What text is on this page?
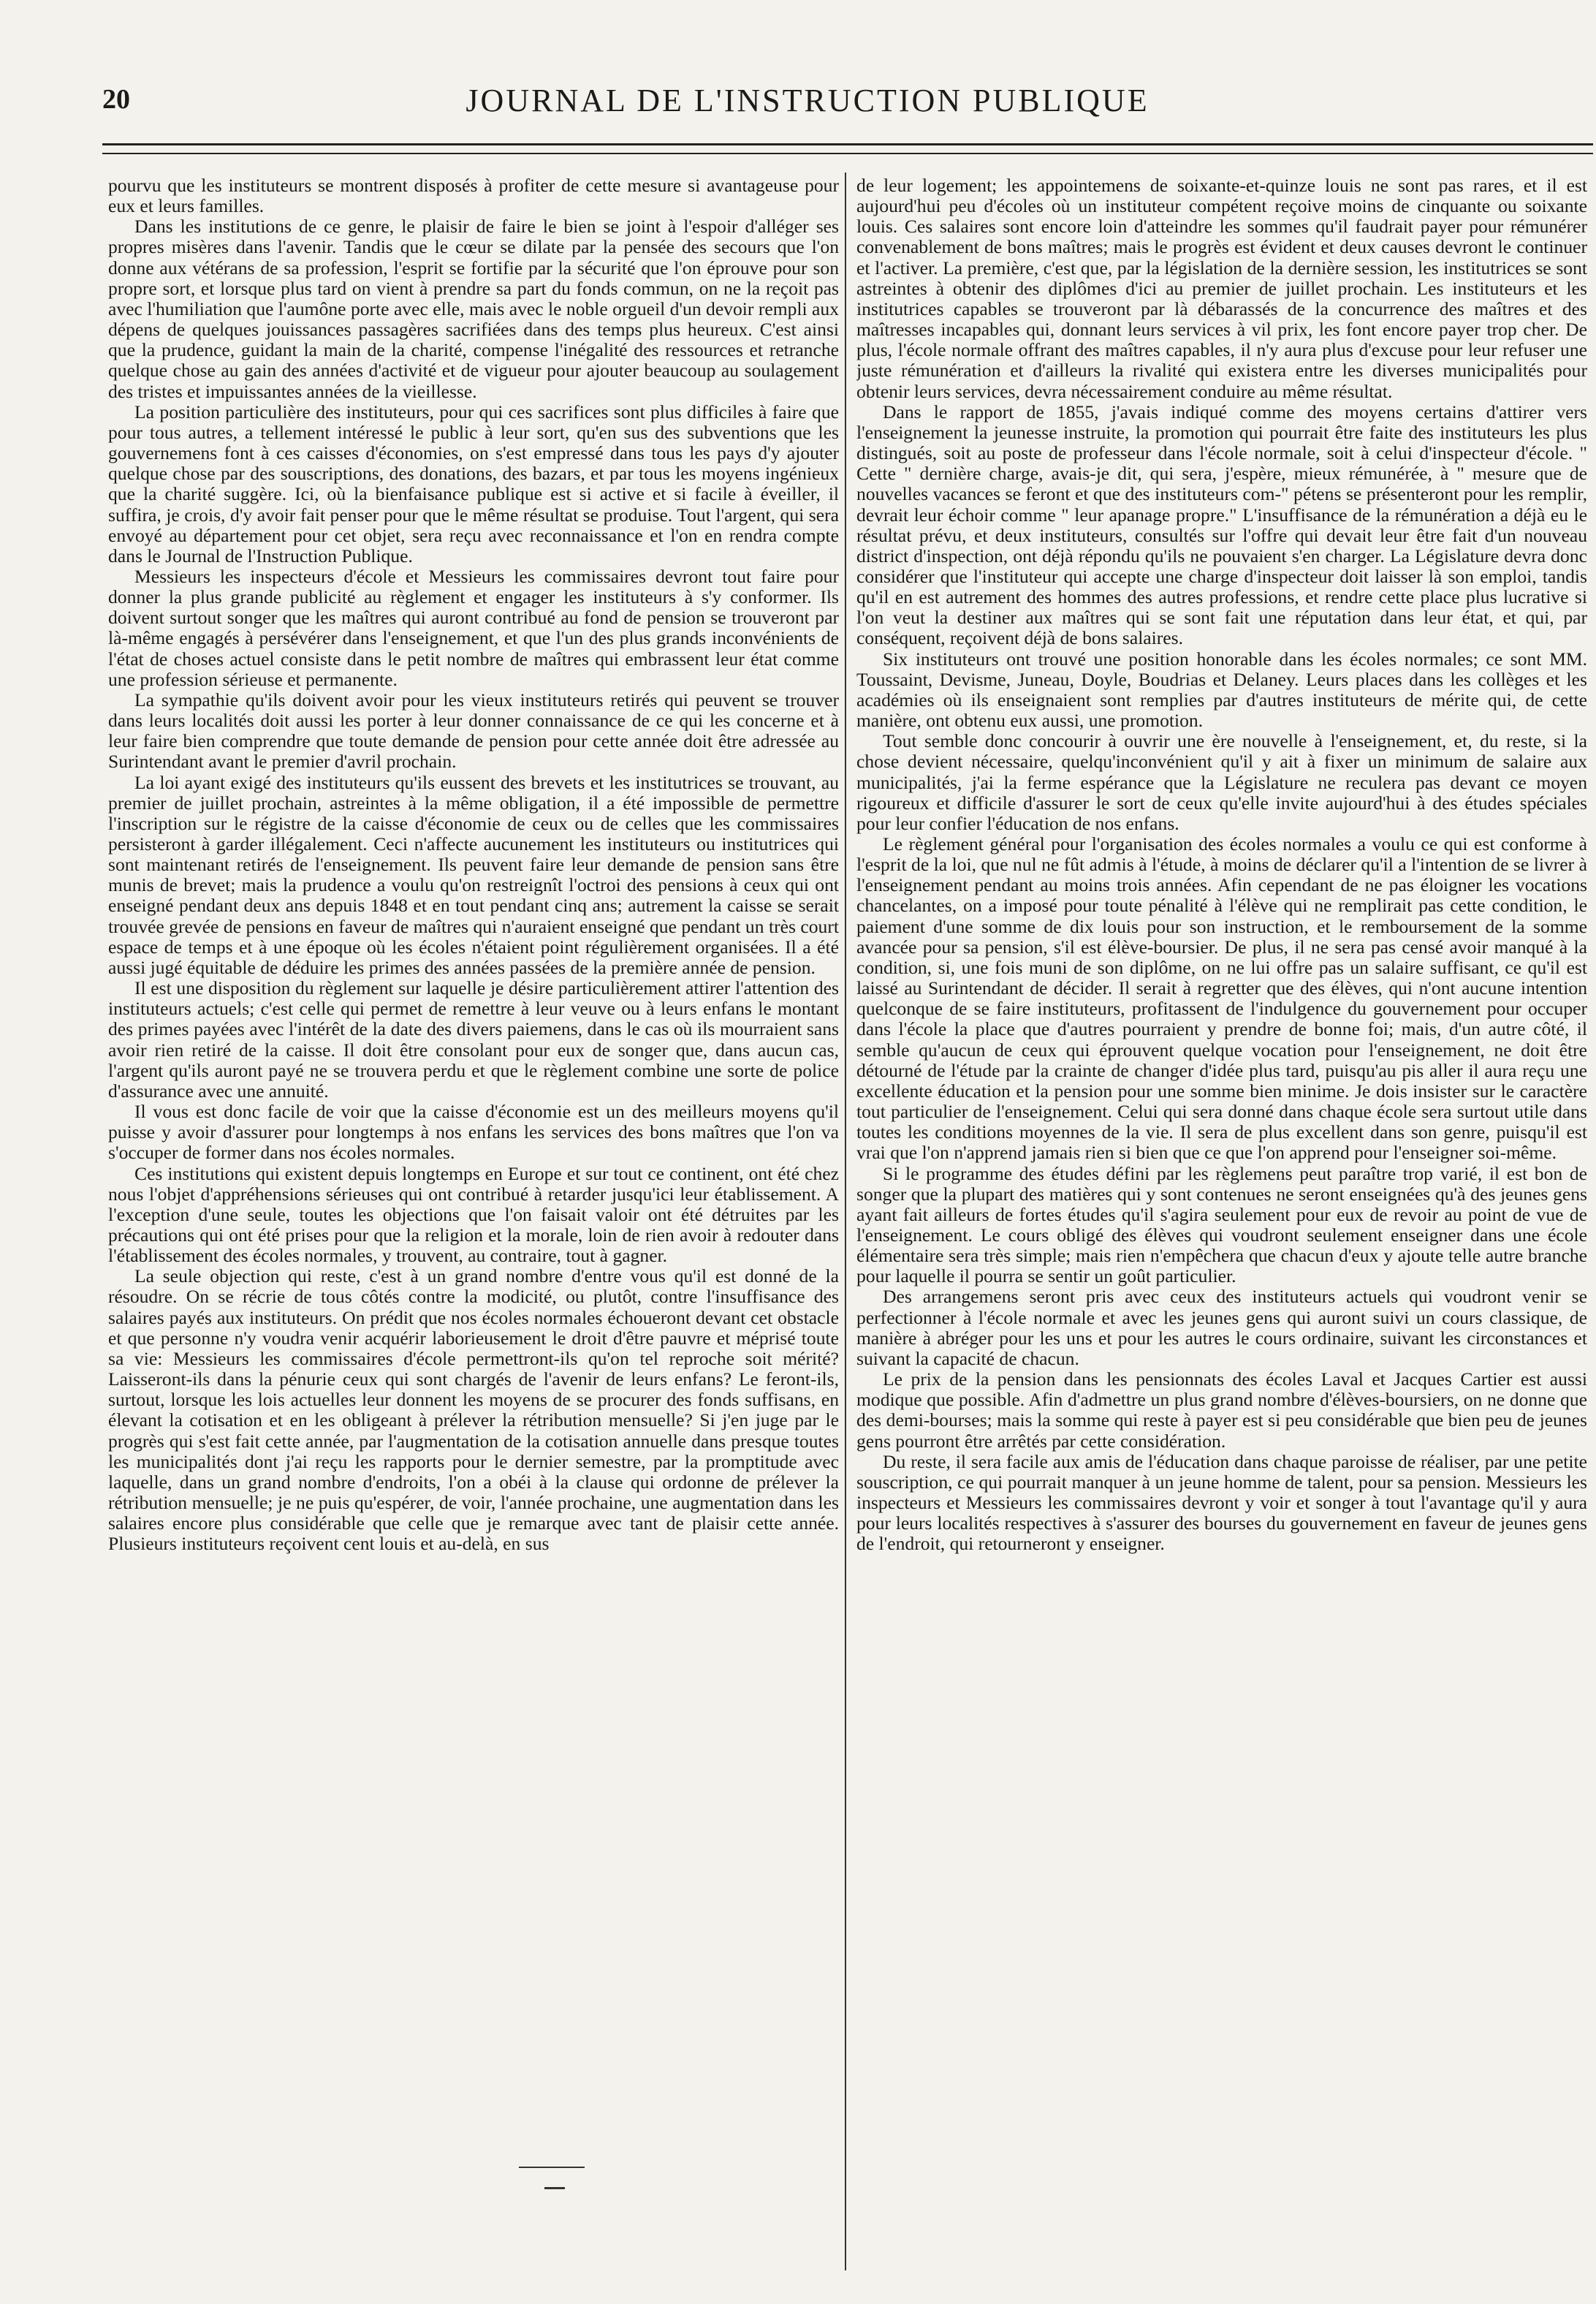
20	JOURNAL DE L'INSTRUCTION PUBLIQUE

pourvu que les instituteurs se montrent disposés à profiter de cette mesure si avantageuse pour eux et leurs familles.

Dans les institutions de ce genre, le plaisir de faire le bien se joint à l'espoir d'alléger ses propres misères dans l'avenir. Tandis que le cœur se dilate par la pensée des secours que l'on donne aux vétérans de sa profession, l'esprit se fortifie par la sécurité que l'on éprouve pour son propre sort, et lorsque plus tard on vient à prendre sa part du fonds commun, on ne la reçoit pas avec l'humiliation que l'aumône porte avec elle, mais avec le noble orgueil d'un devoir rempli aux dépens de quelques jouissances passagères sacrifiées dans des temps plus heureux. C'est ainsi que la prudence, guidant la main de la charité, compense l'inégalité des ressources et retranche quelque chose au gain des années d'activité et de vigueur pour ajouter beaucoup au soulagement des tristes et impuissantes années de la vieillesse.

La position particulière des instituteurs, pour qui ces sacrifices sont plus difficiles à faire que pour tous autres, a tellement intéressé le public à leur sort, qu'en sus des subventions que les gouvernemens font à ces caisses d'économies, on s'est empressé dans tous les pays d'y ajouter quelque chose par des souscriptions, des donations, des bazars, et par tous les moyens ingénieux que la charité suggère. Ici, où la bienfaisance publique est si active et si facile à éveiller, il suffira, je crois, d'y avoir fait penser pour que le même résultat se produise. Tout l'argent, qui sera envoyé au département pour cet objet, sera reçu avec reconnaissance et l'on en rendra compte dans le Journal de l'Instruction Publique.

Messieurs les inspecteurs d'école et Messieurs les commissaires devront tout faire pour donner la plus grande publicité au règlement et engager les instituteurs à s'y conformer. Ils doivent surtout songer que les maîtres qui auront contribué au fond de pension se trouveront par là-même engagés à persévérer dans l'enseignement, et que l'un des plus grands inconvénients de l'état de choses actuel consiste dans le petit nombre de maîtres qui embrassent leur état comme une profession sérieuse et permanente.

La sympathie qu'ils doivent avoir pour les vieux instituteurs retirés qui peuvent se trouver dans leurs localités doit aussi les porter à leur donner connaissance de ce qui les concerne et à leur faire bien comprendre que toute demande de pension pour cette année doit être adressée au Surintendant avant le premier d'avril prochain.

La loi ayant exigé des instituteurs qu'ils eussent des brevets et les institutrices se trouvant, au premier de juillet prochain, astreintes à la même obligation, il a été impossible de permettre l'inscription sur le régistre de la caisse d'économie de ceux ou de celles que les commissaires persisteront à garder illégalement. Ceci n'affecte aucunement les instituteurs ou institutrices qui sont maintenant retirés de l'enseignement. Ils peuvent faire leur demande de pension sans être munis de brevet; mais la prudence a voulu qu'on restreignît l'octroi des pensions à ceux qui ont enseigné pendant deux ans depuis 1848 et en tout pendant cinq ans; autrement la caisse se serait trouvée grevée de pensions en faveur de maîtres qui n'auraient enseigné que pendant un très court espace de temps et à une époque où les écoles n'étaient point régulièrement organisées. Il a été aussi jugé équitable de déduire les primes des années passées de la première année de pension.

Il est une disposition du règlement sur laquelle je désire particulièrement attirer l'attention des instituteurs actuels; c'est celle qui permet de remettre à leur veuve ou à leurs enfans le montant des primes payées avec l'intérêt de la date des divers paiemens, dans le cas où ils mourraient sans avoir rien retiré de la caisse. Il doit être consolant pour eux de songer que, dans aucun cas, l'argent qu'ils auront payé ne se trouvera perdu et que le règlement combine une sorte de police d'assurance avec une annuité.

Il vous est donc facile de voir que la caisse d'économie est un des meilleurs moyens qu'il puisse y avoir d'assurer pour longtemps à nos enfans les services des bons maîtres que l'on va s'occuper de former dans nos écoles normales.

Ces institutions qui existent depuis longtemps en Europe et sur tout ce continent, ont été chez nous l'objet d'appréhensions sérieuses qui ont contribué à retarder jusqu'ici leur établissement. A l'exception d'une seule, toutes les objections que l'on faisait valoir ont été détruites par les précautions qui ont été prises pour que la religion et la morale, loin de rien avoir à redouter dans l'établissement des écoles normales, y trouvent, au contraire, tout à gagner.

La seule objection qui reste, c'est à un grand nombre d'entre vous qu'il est donné de la résoudre. On se récrie de tous côtés contre la modicité, ou plutôt, contre l'insuffisance des salaires payés aux instituteurs. On prédit que nos écoles normales échoueront devant cet obstacle et que personne n'y voudra venir acquérir laborieusement le droit d'être pauvre et méprisé toute sa vie: Messieurs les commissaires d'école permettront-ils qu'on tel reproche soit mérité? Laisseront-ils dans la pénurie ceux qui sont chargés de l'avenir de leurs enfans? Le feront-ils, surtout, lorsque les lois actuelles leur donnent les moyens de se procurer des fonds suffisans, en élevant la cotisation et en les obligeant à prélever la rétribution mensuelle? Si j'en juge par le progrès qui s'est fait cette année, par l'augmentation de la cotisation annuelle dans presque toutes les municipalités dont j'ai reçu les rapports pour le dernier semestre, par la promptitude avec laquelle, dans un grand nombre d'endroits, l'on a obéi à la clause qui ordonne de prélever la rétribution mensuelle; je ne puis qu'espérer, de voir, l'année prochaine, une augmentation dans les salaires encore plus considérable que celle que je remarque avec tant de plaisir cette année. Plusieurs instituteurs reçoivent cent louis et au-delà, en sus

de leur logement; les appointemens de soixante-et-quinze louis ne sont pas rares, et il est aujourd'hui peu d'écoles où un instituteur compétent reçoive moins de cinquante ou soixante louis. Ces salaires sont encore loin d'atteindre les sommes qu'il faudrait payer pour rémunérer convenablement de bons maîtres; mais le progrès est évident et deux causes devront le continuer et l'activer. La première, c'est que, par la législation de la dernière session, les institutrices se sont astreintes à obtenir des diplômes d'ici au premier de juillet prochain. Les instituteurs et les institutrices capables se trouveront par là débarassés de la concurrence des maîtres et des maîtresses incapables qui, donnant leurs services à vil prix, les font encore payer trop cher. De plus, l'école normale offrant des maîtres capables, il n'y aura plus d'excuse pour leur refuser une juste rémunération et d'ailleurs la rivalité qui existera entre les diverses municipalités pour obtenir leurs services, devra nécessairement conduire au même résultat.

Dans le rapport de 1855, j'avais indiqué comme des moyens certains d'attirer vers l'enseignement la jeunesse instruite, la promotion qui pourrait être faite des instituteurs les plus distingués, soit au poste de professeur dans l'école normale, soit à celui d'inspecteur d'école. " Cette " dernière charge, avais-je dit, qui sera, j'espère, mieux rémunérée, à " mesure que de nouvelles vacances se feront et que des instituteurs com-" pétens se présenteront pour les remplir, devrait leur échoir comme " leur apanage propre." L'insuffisance de la rémunération a déjà eu le résultat prévu, et deux instituteurs, consultés sur l'offre qui devait leur être fait d'un nouveau district d'inspection, ont déjà répondu qu'ils ne pouvaient s'en charger. La Législature devra donc considérer que l'instituteur qui accepte une charge d'inspecteur doit laisser là son emploi, tandis qu'il en est autrement des hommes des autres professions, et rendre cette place plus lucrative si l'on veut la destiner aux maîtres qui se sont fait une réputation dans leur état, et qui, par conséquent, reçoivent déjà de bons salaires.

Six instituteurs ont trouvé une position honorable dans les écoles normales; ce sont MM. Toussaint, Devisme, Juneau, Doyle, Boudrias et Delaney. Leurs places dans les collèges et les académies où ils enseignaient sont remplies par d'autres instituteurs de mérite qui, de cette manière, ont obtenu eux aussi, une promotion.

Tout semble donc concourir à ouvrir une ère nouvelle à l'enseignement, et, du reste, si la chose devient nécessaire, quelqu'inconvénient qu'il y ait à fixer un minimum de salaire aux municipalités, j'ai la ferme espérance que la Législature ne reculera pas devant ce moyen rigoureux et difficile d'assurer le sort de ceux qu'elle invite aujourd'hui à des études spéciales pour leur confier l'éducation de nos enfans.

Le règlement général pour l'organisation des écoles normales a voulu ce qui est conforme à l'esprit de la loi, que nul ne fût admis à l'étude, à moins de déclarer qu'il a l'intention de se livrer à l'enseignement pendant au moins trois années. Afin cependant de ne pas éloigner les vocations chancelantes, on a imposé pour toute pénalité à l'élève qui ne remplirait pas cette condition, le paiement d'une somme de dix louis pour son instruction, et le remboursement de la somme avancée pour sa pension, s'il est élève-boursier. De plus, il ne sera pas censé avoir manqué à la condition, si, une fois muni de son diplôme, on ne lui offre pas un salaire suffisant, ce qu'il est laissé au Surintendant de décider. Il serait à regretter que des élèves, qui n'ont aucune intention quelconque de se faire instituteurs, profitassent de l'indulgence du gouvernement pour occuper dans l'école la place que d'autres pourraient y prendre de bonne foi; mais, d'un autre côté, il semble qu'aucun de ceux qui éprouvent quelque vocation pour l'enseignement, ne doit être détourné de l'étude par la crainte de changer d'idée plus tard, puisqu'au pis aller il aura reçu une excellente éducation et la pension pour une somme bien minime. Je dois insister sur le caractère tout particulier de l'enseignement. Celui qui sera donné dans chaque école sera surtout utile dans toutes les conditions moyennes de la vie. Il sera de plus excellent dans son genre, puisqu'il est vrai que l'on n'apprend jamais rien si bien que ce que l'on apprend pour l'enseigner soi-même.

Si le programme des études défini par les règlemens peut paraître trop varié, il est bon de songer que la plupart des matières qui y sont contenues ne seront enseignées qu'à des jeunes gens ayant fait ailleurs de fortes études qu'il s'agira seulement pour eux de revoir au point de vue de l'enseignement. Le cours obligé des élèves qui voudront seulement enseigner dans une école élémentaire sera très simple; mais rien n'empêchera que chacun d'eux y ajoute telle autre branche pour laquelle il pourra se sentir un goût particulier.

Des arrangemens seront pris avec ceux des instituteurs actuels qui voudront venir se perfectionner à l'école normale et avec les jeunes gens qui auront suivi un cours classique, de manière à abréger pour les uns et pour les autres le cours ordinaire, suivant les circonstances et suivant la capacité de chacun.

Le prix de la pension dans les pensionnats des écoles Laval et Jacques Cartier est aussi modique que possible. Afin d'admettre un plus grand nombre d'élèves-boursiers, on ne donne que des demi-bourses; mais la somme qui reste à payer est si peu considérable que bien peu de jeunes gens pourront être arrêtés par cette considération.

Du reste, il sera facile aux amis de l'éducation dans chaque paroisse de réaliser, par une petite souscription, ce qui pourrait manquer à un jeune homme de talent, pour sa pension. Messieurs les inspecteurs et Messieurs les commissaires devront y voir et songer à tout l'avantage qu'il y aura pour leurs localités respectives à s'assurer des bourses du gouvernement en faveur de jeunes gens de l'endroit, qui retourneront y enseigner.
